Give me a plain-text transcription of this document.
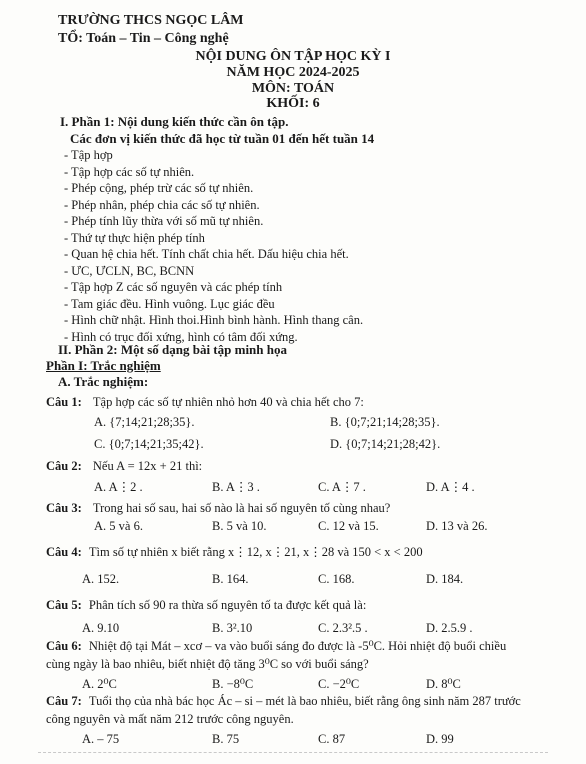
TRƯỜNG THCS NGỌC LÂM
TỔ: Toán – Tin – Công nghệ
NỘI DUNG ÔN TẬP HỌC KỲ I
NĂM HỌC 2024-2025
MÔN: TOÁN
KHỐI: 6
I. Phần 1: Nội dung kiến thức cần ôn tập.
Các đơn vị kiến thức đã học từ tuần 01 đến hết tuần 14
- Tập hợp
- Tập hợp các số tự nhiên.
- Phép cộng, phép trừ các số tự nhiên.
- Phép nhân, phép chia các số tự nhiên.
- Phép tính lũy thừa với số mũ tự nhiên.
- Thứ tự thực hiện phép tính
- Quan hệ chia hết. Tính chất chia hết. Dấu hiệu chia hết.
- ƯC, ƯCLN, BC, BCNN
- Tập hợp Z các số nguyên và các phép tính
- Tam giác đều. Hình vuông. Lục giác đều
- Hình chữ nhật. Hình thoi.Hình bình hành. Hình thang cân.
- Hình có trục đối xứng, hình có tâm đối xứng.
II. Phần 2: Một số dạng bài tập minh họa
Phần I: Trắc nghiệm
A. Trắc nghiệm:
Câu 1: Tập hợp các số tự nhiên nhỏ hơn 40 và chia hết cho 7:
A. {7;14;21;28;35}.	B. {0;7;21;14;28;35}.
C. {0;7;14;21;35;42}.	D. {0;7;14;21;28;42}.
Câu 2: Nếu A = 12x + 21 thì:
A. A⋮2 .	B. A⋮3 .	C. A⋮7 .	D. A⋮4 .
Câu 3: Trong hai số sau, hai số nào là hai số nguyên tố cùng nhau?
A. 5 và 6.	B. 5 và 10.	C. 12 và 15.	D. 13 và 26.
Câu 4: Tìm số tự nhiên x biết rằng x⋮12, x⋮21, x⋮28 và 150 < x < 200
A. 152.	B. 164.	C. 168.	D. 184.
Câu 5: Phân tích số 90 ra thừa số nguyên tố ta được kết quả là:
A. 9.10	B. 3².10	C. 2.3².5 .	D. 2.5.9 .
Câu 6: Nhiệt độ tại Mát – xcơ – va vào buổi sáng đo được là -5⁰C. Hỏi nhiệt độ buổi chiều
cùng ngày là bao nhiêu, biết nhiệt độ tăng 3⁰C so với buổi sáng?
A. 2⁰C	B. −8⁰C	C. −2⁰C	D. 8⁰C
Câu 7: Tuổi thọ của nhà bác học Ác – si – mét là bao nhiêu, biết rằng ông sinh năm 287 trước
công nguyên và mất năm 212 trước công nguyên.
A. – 75	B. 75	C. 87	D. 99
